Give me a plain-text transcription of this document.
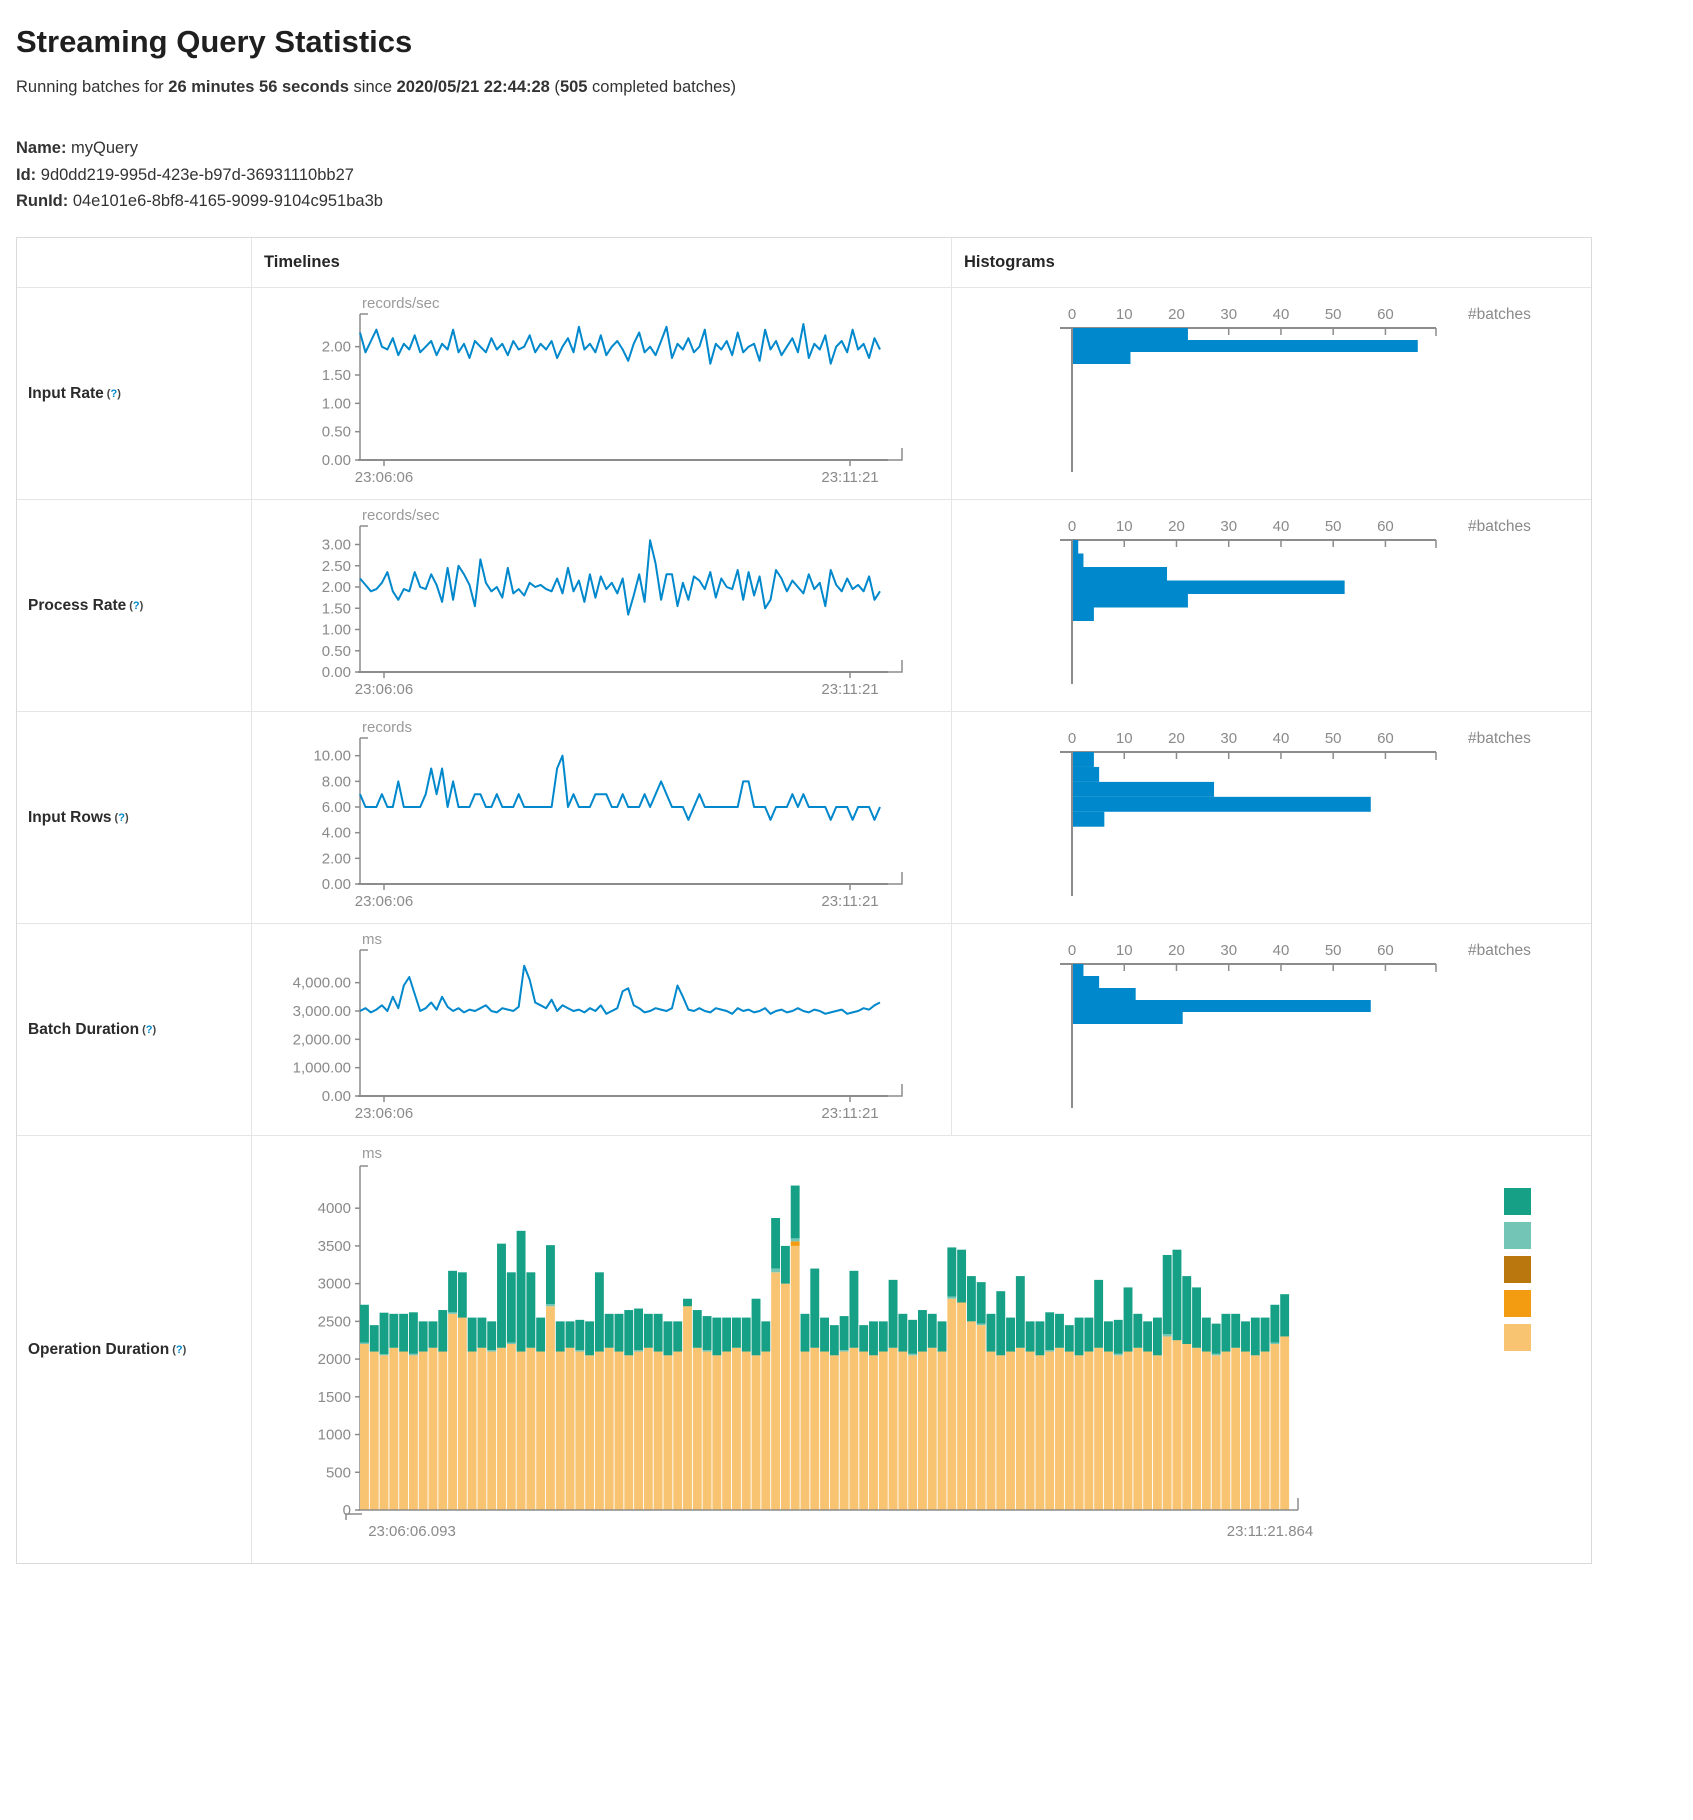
Streaming Query Statistics

Running batches for 26 minutes 56 seconds since 2020/05/21 22:44:28 (505 completed batches)

Name: myQuery
Id: 9d0dd219-995d-423e-b97d-36931110bb27
RunId: 04e101e6-8bf8-4165-9099-9104c951ba3b
Timelines	Histograms
Input Rate (?)
records/sec
2.00
1.50
1.00
0.50
0.00
23:06:06	23:11:21
0	10 20 30 40 50 60	#batches
Process Rate (?)
records/sec
3.00
2.50
2.00
1.50
1.00
0.50
0.00
23:06:06	23:11:21
0	10 20 30 40 50 60	#batches
Input Rows (?)
records
10.00
8.00
6.00
4.00
2.00
0.00
23:06:06	23:11:21
0	10 20 30 40 50 60	#batches
Batch Duration (?)
ms
4,000.00
3,000.00
2,000.00
1,000.00
0.00
23:06:06	23:11:21
0	10 20 30 40 50 60	#batches
Operation Duration (?)
ms
4000
3500
3000
2500
2000
1500
1000
500
0
23:06:06.093	23:11:21.864
